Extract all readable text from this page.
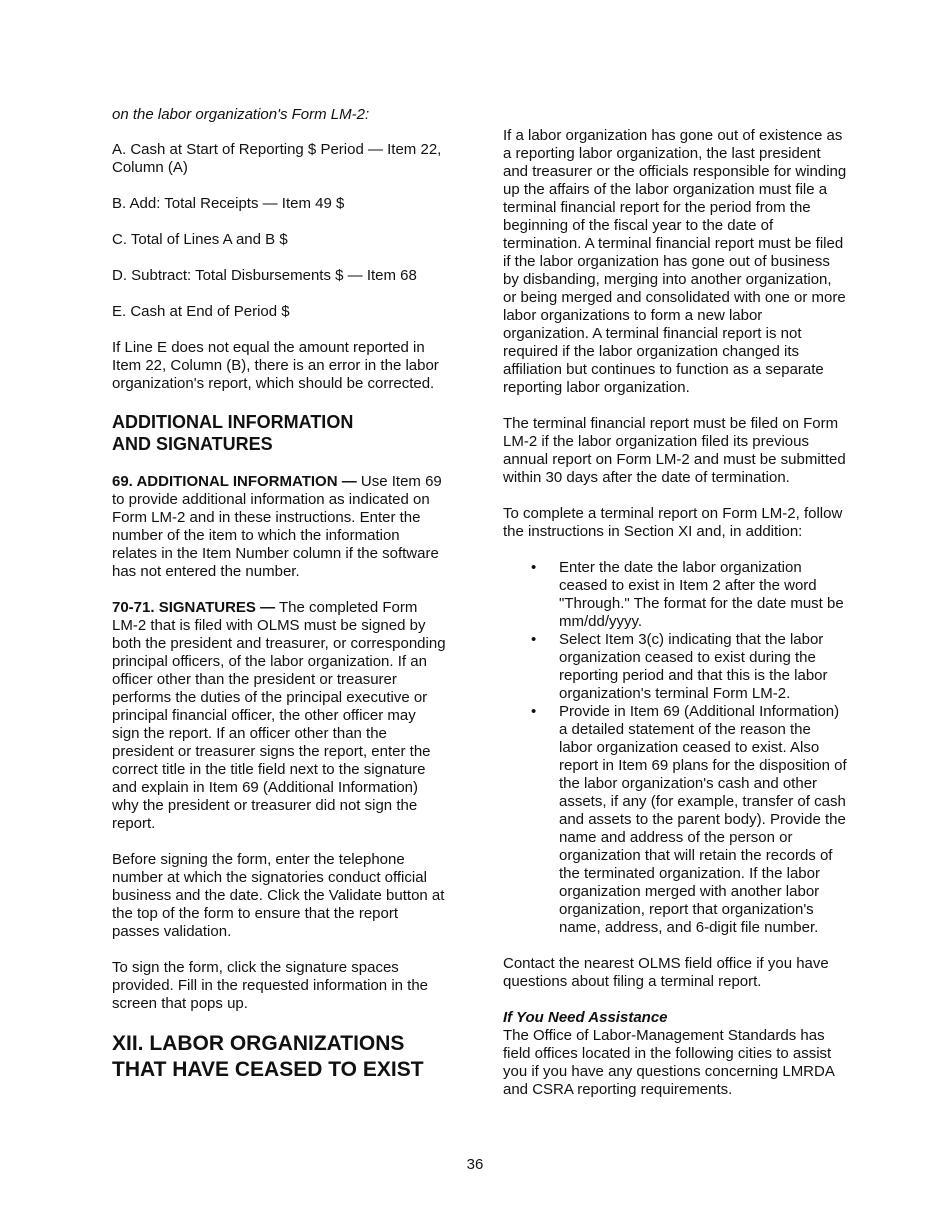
on the labor organization's Form LM-2:

A. Cash at Start of Reporting $ Period — Item 22, Column (A)

B. Add: Total Receipts — Item 49 $

C. Total of Lines A and B $

D. Subtract: Total Disbursements $ — Item 68

E. Cash at End of Period $

If Line E does not equal the amount reported in Item 22, Column (B), there is an error in the labor organization's report, which should be corrected.

ADDITIONAL INFORMATION
AND SIGNATURES

69. ADDITIONAL INFORMATION — Use Item 69 to provide additional information as indicated on Form LM-2 and in these instructions. Enter the number of the item to which the information relates in the Item Number column if the software has not entered the number.

70-71. SIGNATURES — The completed Form LM-2 that is filed with OLMS must be signed by both the president and treasurer, or corresponding principal officers, of the labor organization. If an officer other than the president or treasurer performs the duties of the principal executive or principal financial officer, the other officer may sign the report. If an officer other than the president or treasurer signs the report, enter the correct title in the title field next to the signature and explain in Item 69 (Additional Information) why the president or treasurer did not sign the report.

Before signing the form, enter the telephone number at which the signatories conduct official business and the date. Click the Validate button at the top of the form to ensure that the report passes validation.

To sign the form, click the signature spaces provided. Fill in the requested information in the screen that pops up.

XII. LABOR ORGANIZATIONS
THAT HAVE CEASED TO EXIST

If a labor organization has gone out of existence as a reporting labor organization, the last president and treasurer or the officials responsible for winding up the affairs of the labor organization must file a terminal financial report for the period from the beginning of the fiscal year to the date of termination. A terminal financial report must be filed if the labor organization has gone out of business by disbanding, merging into another organization, or being merged and consolidated with one or more labor organizations to form a new labor organization. A terminal financial report is not required if the labor organization changed its affiliation but continues to function as a separate reporting labor organization.

The terminal financial report must be filed on Form LM-2 if the labor organization filed its previous annual report on Form LM-2 and must be submitted within 30 days after the date of termination.

To complete a terminal report on Form LM-2, follow the instructions in Section XI and, in addition:

• Enter the date the labor organization ceased to exist in Item 2 after the word "Through." The format for the date must be mm/dd/yyyy.
• Select Item 3(c) indicating that the labor organization ceased to exist during the reporting period and that this is the labor organization's terminal Form LM-2.
• Provide in Item 69 (Additional Information) a detailed statement of the reason the labor organization ceased to exist. Also report in Item 69 plans for the disposition of the labor organization's cash and other assets, if any (for example, transfer of cash and assets to the parent body). Provide the name and address of the person or organization that will retain the records of the terminated organization. If the labor organization merged with another labor organization, report that organization's name, address, and 6-digit file number.

Contact the nearest OLMS field office if you have questions about filing a terminal report.

If You Need Assistance

The Office of Labor-Management Standards has field offices located in the following cities to assist you if you have any questions concerning LMRDA and CSRA reporting requirements.

36
